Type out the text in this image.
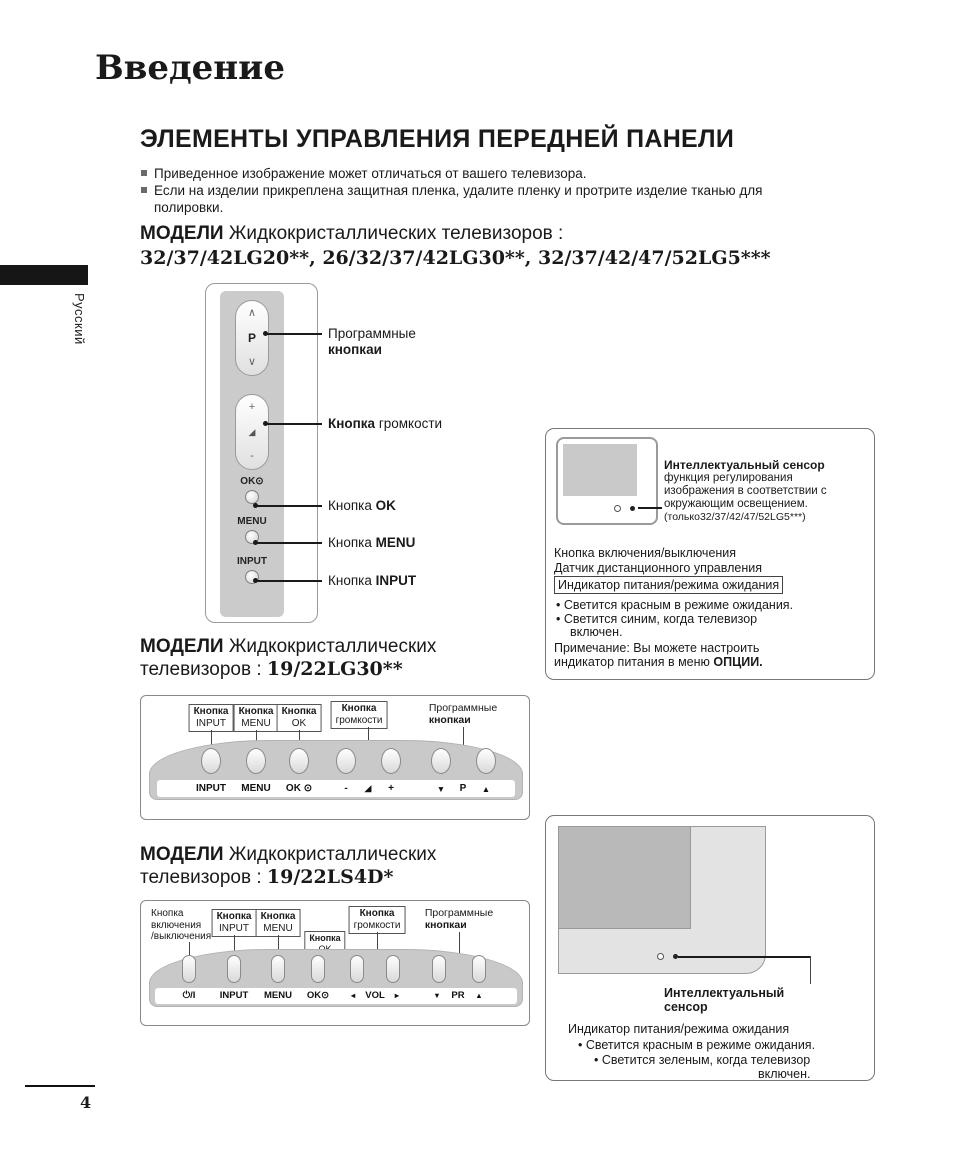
Введение
ЭЛЕМЕНТЫ УПРАВЛЕНИЯ ПЕРЕДНЕЙ ПАНЕЛИ
Приведенное изображение может отличаться от вашего телевизора.
Если на изделии прикреплена защитная пленка, удалите пленку и протрите изделие тканью для полировки.
МОДЕЛИ Жидкокристаллических телевизоров :
32/37/42LG20**, 26/32/37/42LG30**, 32/37/42/47/52LG5***
Русский	∧
P
∨
+
◢
-
OK⊙
MENU
INPUT
Программные
кнопкаи
Кнопка громкости
Кнопка OK
Кнопка MENU
Кнопка INPUT
Интеллектуальный сенсор
функция регулирования
изображения в соответствии с
окружающим освещением.
(только32/37/42/47/52LG5***)
Кнопка включения/выключения
Датчик дистанционного управления
Индикатор питания/режима ожидания
• Светится красным в режиме ожидания.
• Светится синим, когда телевизор
включен.
Примечание: Вы можете настроить
индикатор питания в меню ОПЦИИ.
МОДЕЛИ Жидкокристаллических
телевизоров : 19/22LG30**
Кнопка
INPUT
Кнопка
MENU
Кнопка
OK
Кнопка
громкости
Программные
кнопкаи
INPUT MENU OK ⊙	- ◢ +	▼ P ▲
МОДЕЛИ Жидкокристаллических
телевизоров : 19/22LS4D*
Кнопка
включения
/выключения
Кнопка
INPUT
Кнопка
MENU
Кнопка
Кнопка
громкости
Программные
кнопкаи
⏻/I	INPUT MENU OK⊙	◄ VOL ►	▼ PR ▲	Интеллектуальный
сенсор
Индикатор питания/режима ожидания
• Светится красным в режиме ожидания.
• Светится зеленым, когда телевизор
включен.
4
